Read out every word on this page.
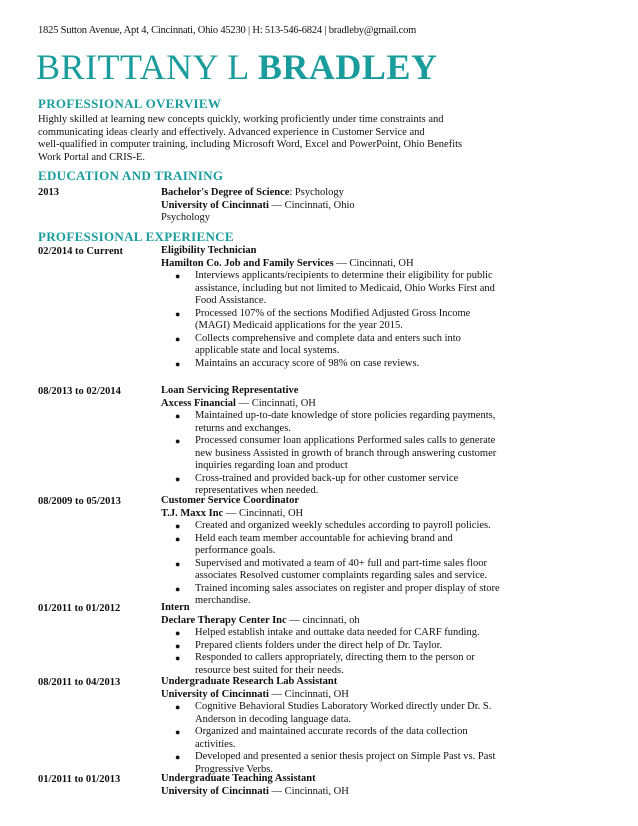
1825 Sutton Avenue, Apt 4, Cincinnati, Ohio 45230 | H: 513-546-6824 | bradleby@gmail.com
BRITTANY L BRADLEY
PROFESSIONAL OVERVIEW
Highly skilled at learning new concepts quickly, working proficiently under time constraints and
communicating ideas clearly and effectively. Advanced experience in Customer Service and
well-qualified in computer training, including Microsoft Word, Excel and PowerPoint, Ohio Benefits
Work Portal and CRIS-E.
EDUCATION AND TRAINING
2013	Bachelor's Degree of Science: Psychology
University of Cincinnati — Cincinnati, Ohio
Psychology
PROFESSIONAL EXPERIENCE
02/2014 to Current	Eligibility Technician
Hamilton Co. Job and Family Services — Cincinnati, OH
● Interviews applicants/recipients to determine their eligibility for public
assistance, including but not limited to Medicaid, Ohio Works First and
Food Assistance.
● Processed 107% of the sections Modified Adjusted Gross Income
(MAGI) Medicaid applications for the year 2015.
● Collects comprehensive and complete data and enters such into
applicable state and local systems.
● Maintains an accuracy score of 98% on case reviews.
08/2013 to 02/2014	Loan Servicing Representative
Axcess Financial — Cincinnati, OH
● Maintained up-to-date knowledge of store policies regarding payments,
returns and exchanges.
● Processed consumer loan applications Performed sales calls to generate
new business Assisted in growth of branch through answering customer
inquiries regarding loan and product
● Cross-trained and provided back-up for other customer service
representatives when needed.
08/2009 to 05/2013	Customer Service Coordinator
T.J. Maxx Inc — Cincinnati, OH
● Created and organized weekly schedules according to payroll policies.
● Held each team member accountable for achieving brand and
performance goals.
● Supervised and motivated a team of 40+ full and part-time sales floor
associates Resolved customer complaints regarding sales and service.
● Trained incoming sales associates on register and proper display of store
merchandise.
01/2011 to 01/2012	Intern
Declare Therapy Center Inc — cincinnati, oh
● Helped establish intake and outtake data needed for CARF funding.
● Prepared clients folders under the direct help of Dr. Taylor.
● Responded to callers appropriately, directing them to the person or
resource best suited for their needs.
08/2011 to 04/2013	Undergraduate Research Lab Assistant
University of Cincinnati — Cincinnati, OH
● Cognitive Behavioral Studies Laboratory Worked directly under Dr. S.
Anderson in decoding language data.
● Organized and maintained accurate records of the data collection
activities.
● Developed and presented a senior thesis project on Simple Past vs. Past
Progressive Verbs.
01/2011 to 01/2013	Undergraduate Teaching Assistant
University of Cincinnati — Cincinnati, OH
